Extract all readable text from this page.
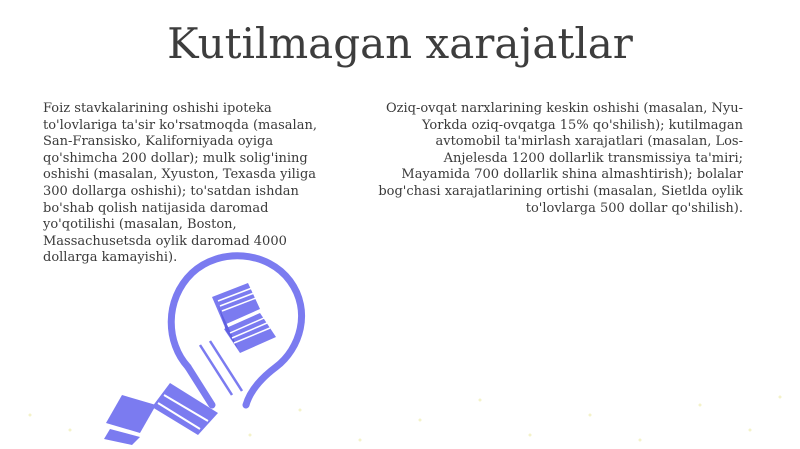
Kutilmagan xarajatlar
Foiz stavkalarining oshishi ipoteka to'lovlariga ta'sir ko'rsatmoqda (masalan, San-Fransisko, Kaliforniyada oyiga qo'shimcha 200 dollar); mulk solig'ining oshishi (masalan, Xyuston, Texasda yiliga 300 dollarga oshishi); to'satdan ishdan bo'shab qolish natijasida daromad yo'qotilishi (masalan, Boston, Massachusetsda oylik daromad 4000 dollarga kamayishi).
Oziq-ovqat narxlarining keskin oshishi (masalan, Nyu-Yorkda oziq-ovqatga 15% qo'shilish); kutilmagan avtomobil ta'mirlash xarajatlari (masalan, Los-Anjelesda 1200 dollarlik transmissiya ta'miri; Mayamida 700 dollarlik shina almashtirish); bolalar bog'chasi xarajatlarining ortishi (masalan, Sietlda oylik to'lovlarga 500 dollar qo'shilish).
